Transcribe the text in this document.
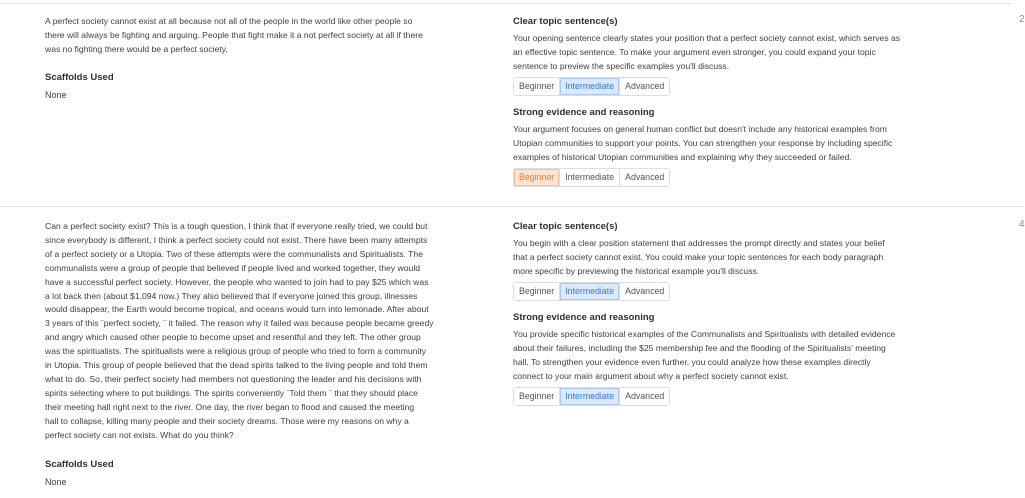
2

A perfect society cannot exist at all because not all of the people in the world like other people so
there will always be fighting and arguing. People that fight make it a not perfect society at all if there
was no fighting there would be a perfect society.

Scaffolds Used
None
Clear topic sentence(s)
Your opening sentence clearly states your position that a perfect society cannot exist, which serves as
an effective topic sentence. To make your argument even stronger, you could expand your topic
sentence to preview the specific examples you'll discuss.
Beginner	Intermediate	Advanced
Strong evidence and reasoning
Your argument focuses on general human conflict but doesn't include any historical examples from
Utopian communities to support your points. You can strengthen your response by including specific
examples of historical Utopian communities and explaining why they succeeded or failed.
Beginner	Intermediate	Advanced
4

Can a perfect society exist? This is a tough question, I think that if everyone really tried, we could but
since everybody is different, I think a perfect society could not exist. There have been many attempts
of a perfect society or a Utopia. Two of these attempts were the communalists and Spiritualists. The
communalists were a group of people that believed if people lived and worked together, they would
have a successful perfect society. However, the people who wanted to join had to pay $25 which was
a lot back then (about $1,094 now.) They also believed that if everyone joined this group, illnesses
would disappear, the Earth would become tropical, and oceans would turn into lemonade. After about
3 years of this ¨perfect society, ¨ it failed. The reason why it failed was because people became greedy
and angry which caused other people to become upset and resentful and they left. The other group
was the spiritualists. The spiritualists were a religious group of people who tried to form a community
in Utopia. This group of people believed that the dead spirits talked to the living people and told them
what to do. So, their perfect society had members not questioning the leader and his decisions with
spirits selecting where to put buildings. The spirits conveniently ¨Told them ¨ that they should place
their meeting hall right next to the river. One day, the river began to flood and caused the meeting
hall to collapse, killing many people and their society dreams. Those were my reasons on why a
perfect society can not exists. What do you think?

Scaffolds Used
None
Clear topic sentence(s)
You begin with a clear position statement that addresses the prompt directly and states your belief
that a perfect society cannot exist. You could make your topic sentences for each body paragraph
more specific by previewing the historical example you'll discuss.
Beginner	Intermediate	Advanced
Strong evidence and reasoning
You provide specific historical examples of the Communalists and Spiritualists with detailed evidence
about their failures, including the $25 membership fee and the flooding of the Spiritualists' meeting
hall. To strengthen your evidence even further, you could analyze how these examples directly
connect to your main argument about why a perfect society cannot exist.
Beginner	Intermediate	Advanced
